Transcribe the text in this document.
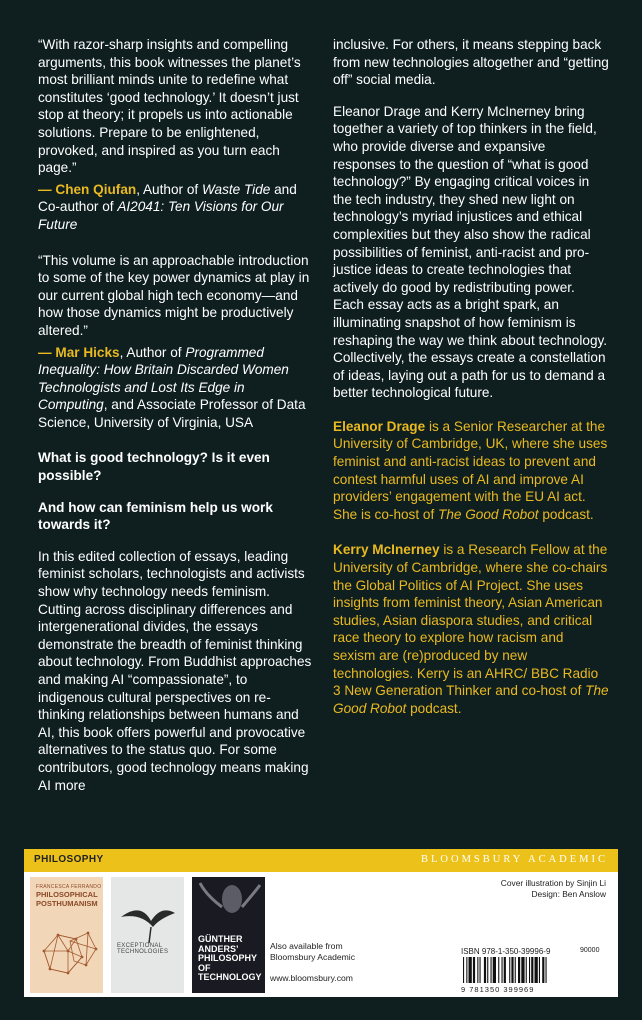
“With razor-sharp insights and compelling arguments, this book witnesses the planet’s most brilliant minds unite to redefine what constitutes ‘good technology.’ It doesn’t just stop at theory; it propels us into actionable solutions. Prepare to be enlightened, provoked, and inspired as you turn each page.”

— Chen Qiufan, Author of Waste Tide and Co-author of AI2041: Ten Visions for Our Future

“This volume is an approachable introduction to some of the key power dynamics at play in our current global high tech economy—and how those dynamics might be productively altered.”

— Mar Hicks, Author of Programmed Inequality: How Britain Discarded Women Technologists and Lost Its Edge in Computing, and Associate Professor of Data Science, University of Virginia, USA

What is good technology? Is it even possible?

And how can feminism help us work towards it?

In this edited collection of essays, leading feminist scholars, technologists and activists show why technology needs feminism. Cutting across disciplinary differences and intergenerational divides, the essays demonstrate the breadth of feminist thinking about technology. From Buddhist approaches and making AI “compassionate”, to indigenous cultural perspectives on re-thinking relationships between humans and AI, this book offers powerful and provocative alternatives to the status quo. For some contributors, good technology means making AI more

inclusive. For others, it means stepping back from new technologies altogether and “getting off” social media.

Eleanor Drage and Kerry McInerney bring together a variety of top thinkers in the field, who provide diverse and expansive responses to the question of “what is good technology?” By engaging critical voices in the tech industry, they shed new light on technology’s myriad injustices and ethical complexities but they also show the radical possibilities of feminist, anti-racist and pro-justice ideas to create technologies that actively do good by redistributing power. Each essay acts as a bright spark, an illuminating snapshot of how feminism is reshaping the way we think about technology. Collectively, the essays create a constellation of ideas, laying out a path for us to demand a better technological future.

Eleanor Drage is a Senior Researcher at the University of Cambridge, UK, where she uses feminist and anti-racist ideas to prevent and contest harmful uses of AI and improve AI providers’ engagement with the EU AI act. She is co-host of The Good Robot podcast.

Kerry McInerney is a Research Fellow at the University of Cambridge, where she co-chairs the Global Politics of AI Project. She uses insights from feminist theory, Asian American studies, Asian diaspora studies, and critical race theory to explore how racism and sexism are (re)produced by new technologies. Kerry is an AHRC/ BBC Radio 3 New Generation Thinker and co-host of The Good Robot podcast.

PHILOSOPHY	BLOOMSBURY ACADEMIC
FRANCESCA FERRANDO
PHILOSOPHICAL POSTHUMANISM
EXCEPTIONAL TECHNOLOGIES
GÜNTHER ANDERS’ PHILOSOPHY OF TECHNOLOGY
Also available from Bloomsbury Academic
www.bloomsbury.com
Cover illustration by Sinjin Li
Design: Ben Anslow
ISBN 978-1-350-39996-9
9 781350 399969
90000
